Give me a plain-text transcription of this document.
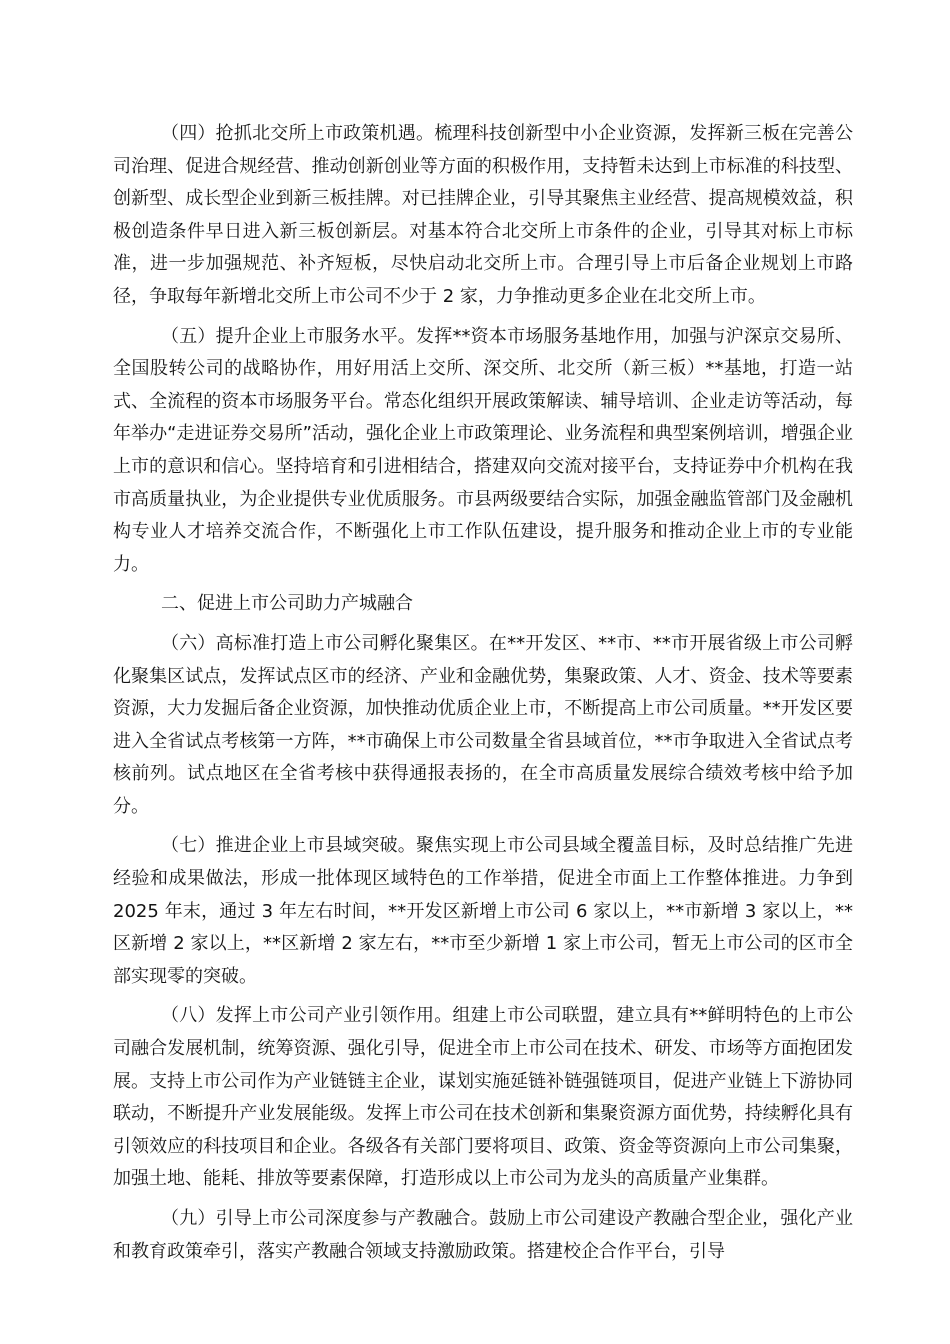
（四）抢抓北交所上市政策机遇。梳理科技创新型中小企业资源，发挥新三板在完善公司治理、促进合规经营、推动创新创业等方面的积极作用，支持暂未达到上市标准的科技型、创新型、成长型企业到新三板挂牌。对已挂牌企业，引导其聚焦主业经营、提高规模效益，积极创造条件早日进入新三板创新层。对基本符合北交所上市条件的企业，引导其对标上市标准，进一步加强规范、补齐短板，尽快启动北交所上市。合理引导上市后备企业规划上市路径，争取每年新增北交所上市公司不少于 2 家，力争推动更多企业在北交所上市。

（五）提升企业上市服务水平。发挥**资本市场服务基地作用，加强与沪深京交易所、全国股转公司的战略协作，用好用活上交所、深交所、北交所（新三板）**基地，打造一站式、全流程的资本市场服务平台。常态化组织开展政策解读、辅导培训、企业走访等活动，每年举办“走进证券交易所”活动，强化企业上市政策理论、业务流程和典型案例培训，增强企业上市的意识和信心。坚持培育和引进相结合，搭建双向交流对接平台，支持证券中介机构在我市高质量执业，为企业提供专业优质服务。市县两级要结合实际，加强金融监管部门及金融机构专业人才培养交流合作，不断强化上市工作队伍建设，提升服务和推动企业上市的专业能力。

二、促进上市公司助力产城融合

（六）高标准打造上市公司孵化聚集区。在**开发区、**市、**市开展省级上市公司孵化聚集区试点，发挥试点区市的经济、产业和金融优势，集聚政策、人才、资金、技术等要素资源，大力发掘后备企业资源，加快推动优质企业上市，不断提高上市公司质量。**开发区要进入全省试点考核第一方阵，**市确保上市公司数量全省县域首位，**市争取进入全省试点考核前列。试点地区在全省考核中获得通报表扬的，在全市高质量发展综合绩效考核中给予加分。

（七）推进企业上市县域突破。聚焦实现上市公司县域全覆盖目标，及时总结推广先进经验和成果做法，形成一批体现区域特色的工作举措，促进全市面上工作整体推进。力争到 2025 年末，通过 3 年左右时间，**开发区新增上市公司 6 家以上，**市新增 3 家以上，**区新增 2 家以上，**区新增 2 家左右，**市至少新增 1 家上市公司，暂无上市公司的区市全部实现零的突破。

（八）发挥上市公司产业引领作用。组建上市公司联盟，建立具有**鲜明特色的上市公司融合发展机制，统筹资源、强化引导，促进全市上市公司在技术、研发、市场等方面抱团发展。支持上市公司作为产业链链主企业，谋划实施延链补链强链项目，促进产业链上下游协同联动，不断提升产业发展能级。发挥上市公司在技术创新和集聚资源方面优势，持续孵化具有引领效应的科技项目和企业。各级各有关部门要将项目、政策、资金等资源向上市公司集聚，加强土地、能耗、排放等要素保障，打造形成以上市公司为龙头的高质量产业集群。

（九）引导上市公司深度参与产教融合。鼓励上市公司建设产教融合型企业，强化产业和教育政策牵引，落实产教融合领域支持激励政策。搭建校企合作平台，引导
